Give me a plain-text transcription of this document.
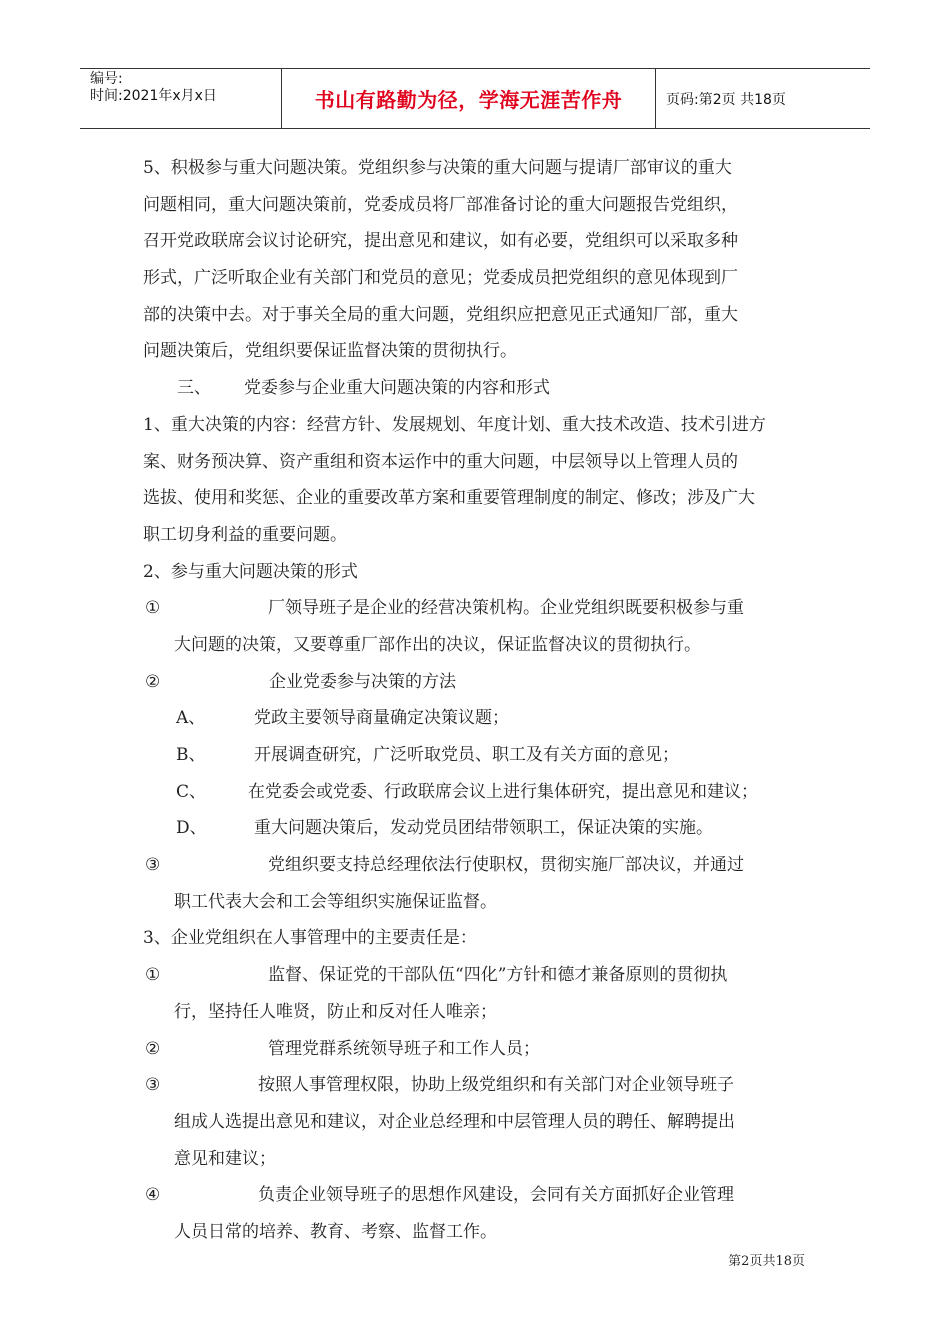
编号:
时间:2021年x月x日	书山有路勤为径，学海无涯苦作舟	页码:第2页 共18页
5、积极参与重大问题决策。党组织参与决策的重大问题与提请厂部审议的重大
问题相同，重大问题决策前，党委成员将厂部准备讨论的重大问题报告党组织，
召开党政联席会议讨论研究，提出意见和建议，如有必要，党组织可以采取多种
形式，广泛听取企业有关部门和党员的意见；党委成员把党组织的意见体现到厂
部的决策中去。对于事关全局的重大问题，党组织应把意见正式通知厂部，重大
问题决策后，党组织要保证监督决策的贯彻执行。
三、 党委参与企业重大问题决策的内容和形式
1、重大决策的内容：经营方针、发展规划、年度计划、重大技术改造、技术引进方
案、财务预决算、资产重组和资本运作中的重大问题，中层领导以上管理人员的
选拔、使用和奖惩、企业的重要改革方案和重要管理制度的制定、修改；涉及广大
职工切身利益的重要问题。
2、参与重大问题决策的形式
①	厂领导班子是企业的经营决策机构。企业党组织既要积极参与重
大问题的决策，又要尊重厂部作出的决议，保证监督决议的贯彻执行。
②	企业党委参与决策的方法
A、	党政主要领导商量确定决策议题；
B、	开展调查研究，广泛听取党员、职工及有关方面的意见；
C、 在党委会或党委、行政联席会议上进行集体研究，提出意见和建议；
D、	重大问题决策后，发动党员团结带领职工，保证决策的实施。
③	党组织要支持总经理依法行使职权，贯彻实施厂部决议，并通过
职工代表大会和工会等组织实施保证监督。
3、企业党组织在人事管理中的主要责任是：
①	监督、保证党的干部队伍“四化”方针和德才兼备原则的贯彻执
行，坚持任人唯贤，防止和反对任人唯亲；
②	管理党群系统领导班子和工作人员；
③	按照人事管理权限，协助上级党组织和有关部门对企业领导班子
组成人选提出意见和建议，对企业总经理和中层管理人员的聘任、解聘提出
意见和建议；
④	负责企业领导班子的思想作风建设，会同有关方面抓好企业管理
人员日常的培养、教育、考察、监督工作。
第2页共18页
